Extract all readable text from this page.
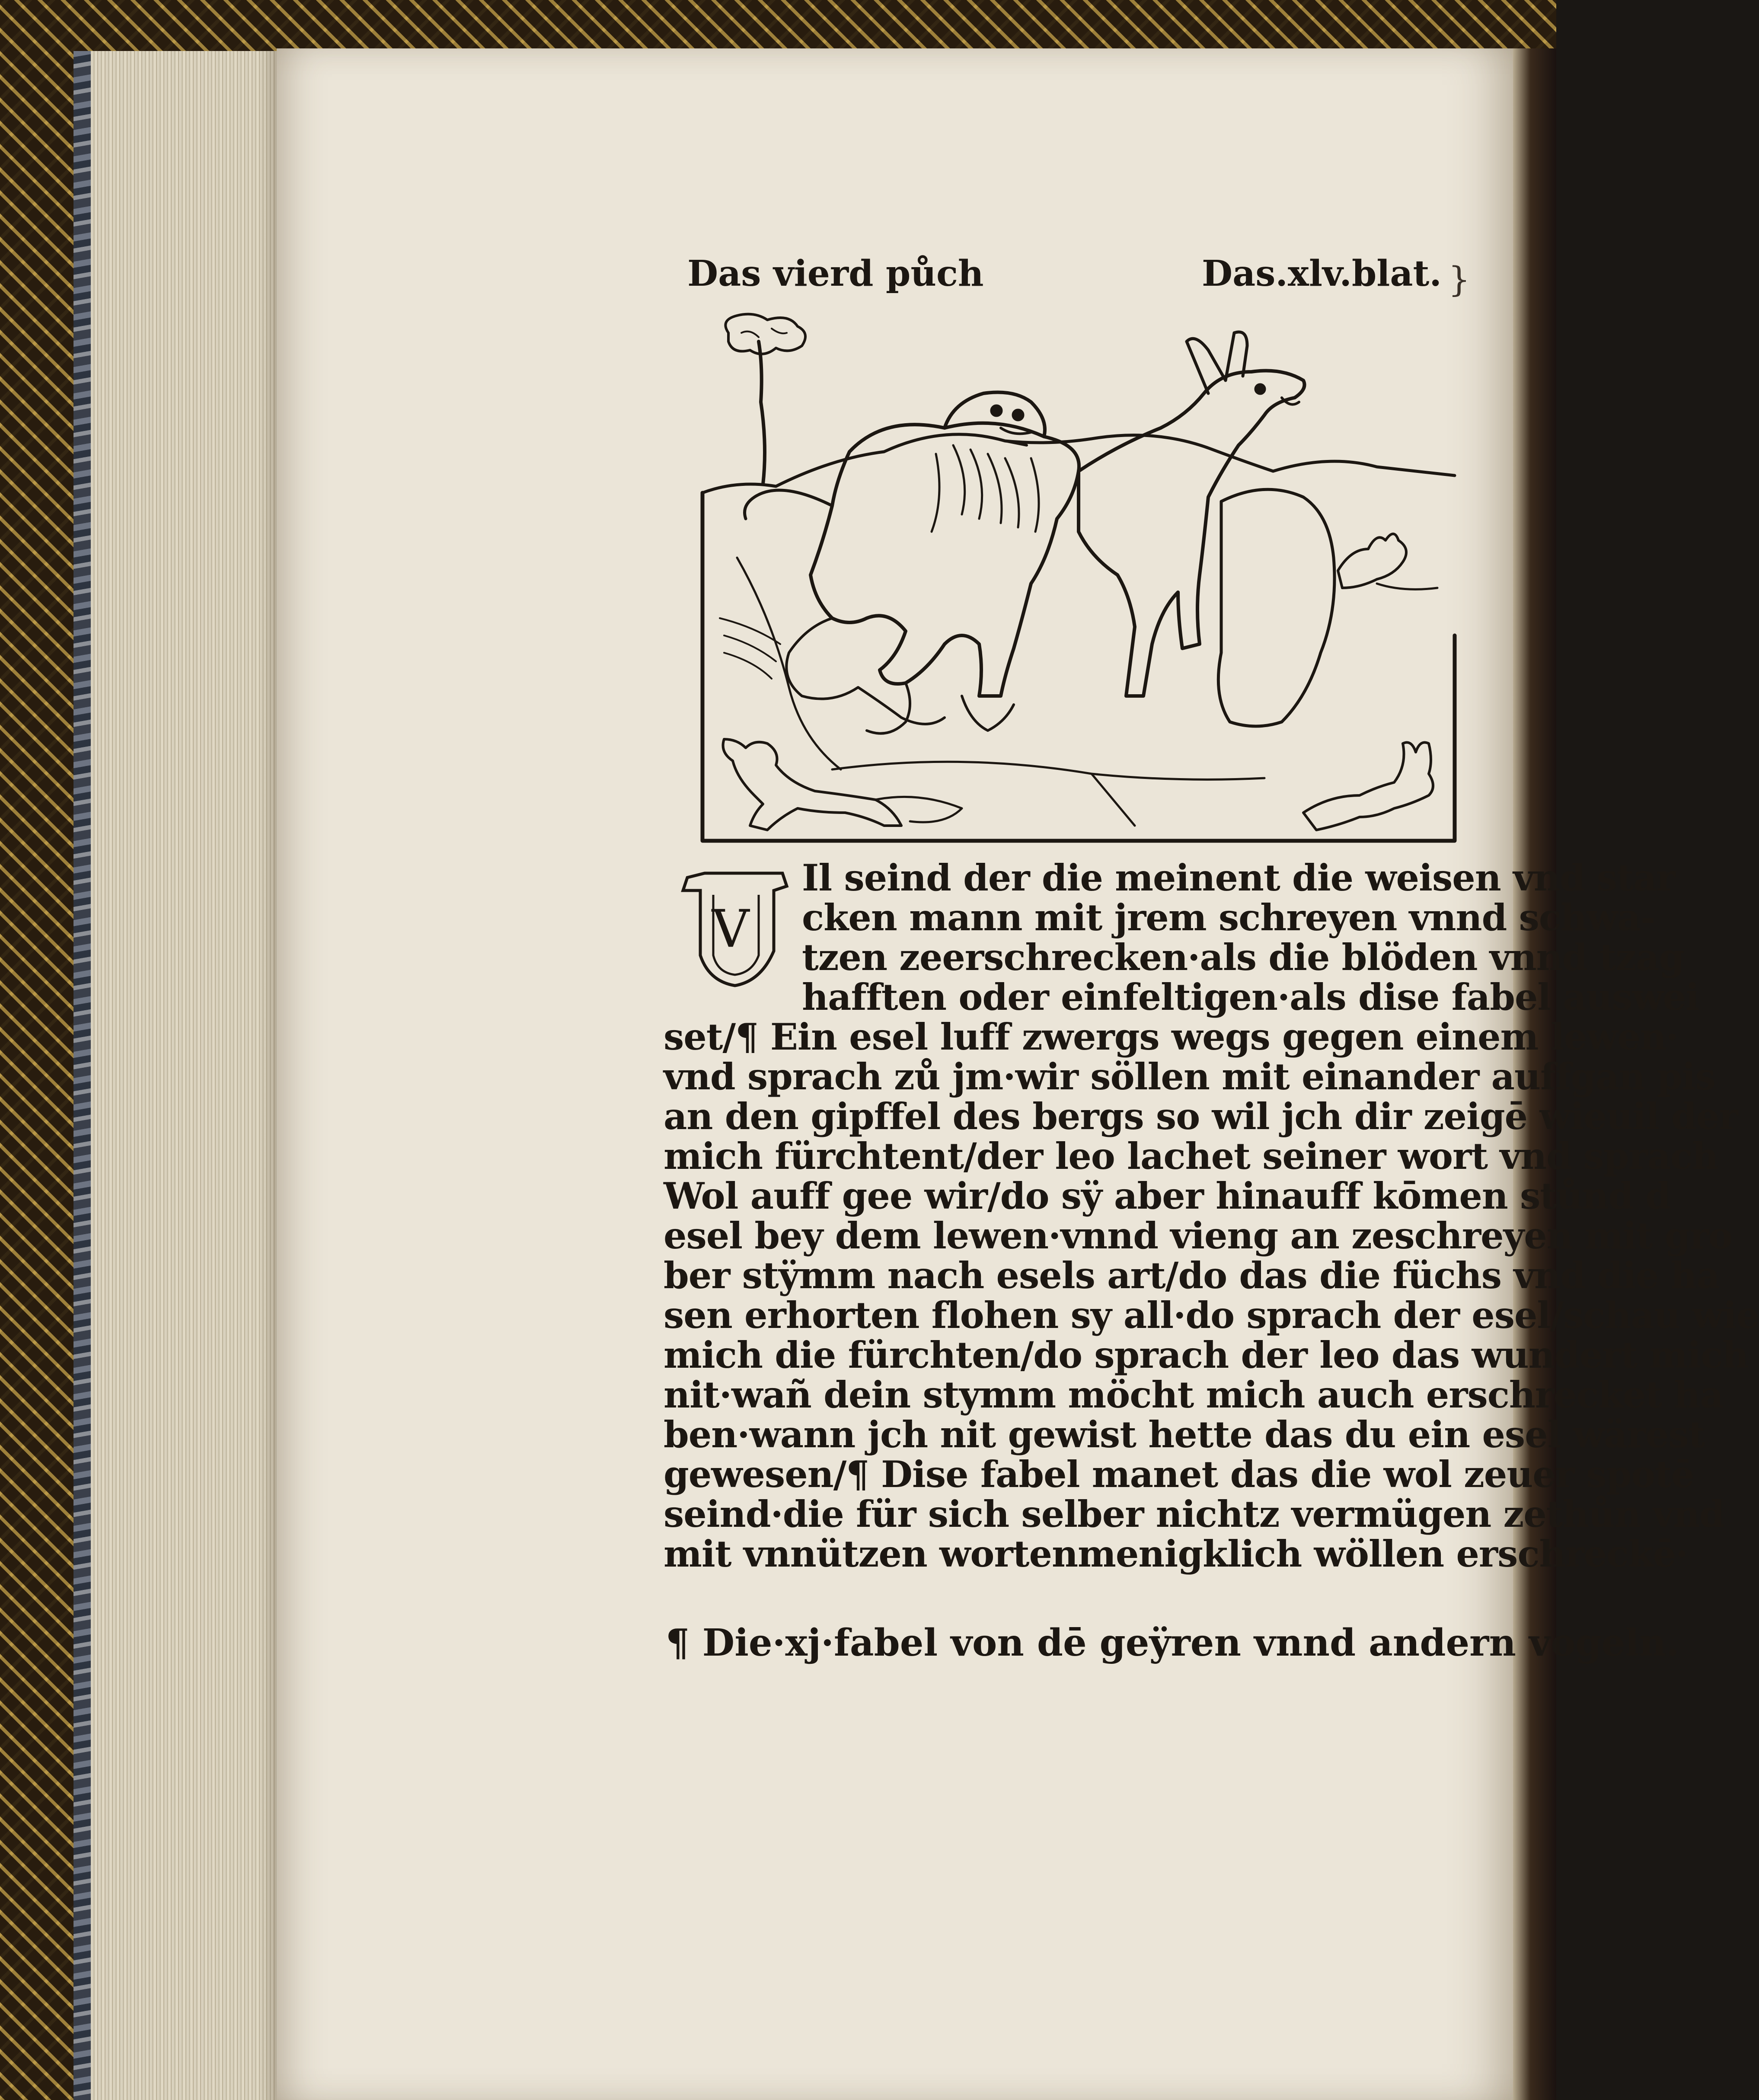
Das vierd půch	Das.xlv.blat. }
V
Il seind der die meinent die weisen vnd star
cken mann mit jrem schreyen vnnd schwa-
tzen zeerschrecken·als die blöden vnnd tzag
hafften oder einfeltigen·als dise fabel auswei
set/¶ Ein esel luff zwergs wegs gegen einem lewen·
vnd sprach zů jm·wir söllen mit einander auffgan pis
an den gipffel des bergs so wil jch dir zeigē wieuil der
mich fürchtent/der leo lachet seiner wort vnd sprach
Wol auff gee wir/do sÿ aber hinauff kōmen stůnd d
esel bey dem lewen·vnnd vieng an zeschreyen mit gro
ber stÿmm nach esels art/do das die füchs vnd die ha
sen erhorten flohen sy all·do sprach der esel/schau wie
mich die fürchten/do sprach der leo das wundert mich
nit·wañ dein stymm möcht mich auch erschrecket ha
ben·wann jch nit gewist hette das du ein esel wärest
gewesen/¶ Dise fabel manet das die wol zeuer spotē
seind·die für sich selber nichtz vermügen zethůn vnd
mit vnnützen wortenmenigklich wöllen erschreckē·
¶ Die·xj·fabel von dē geÿren vnnd andern vogeln.
